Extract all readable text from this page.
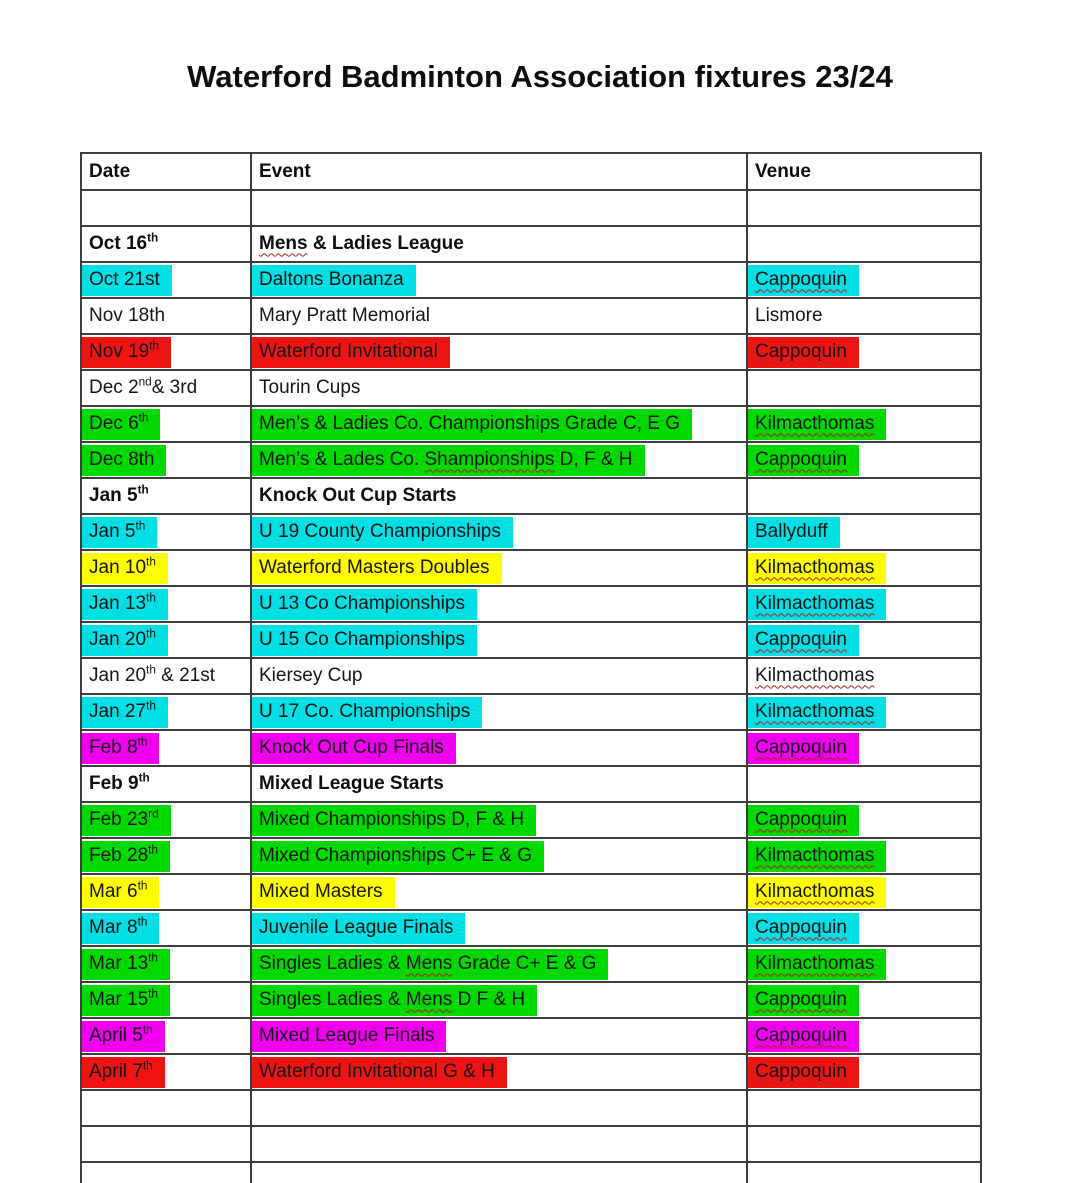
Waterford Badminton Association fixtures 23/24
Date	Event	Venue

Oct 16th	Mens & Ladies League	
Oct 21st	Daltons Bonanza	Cappoquin
Nov 18th	Mary Pratt Memorial	Lismore
Nov 19th	Waterford Invitational	Cappoquin
Dec 2nd& 3rd	Tourin Cups	
Dec 6th	Men’s & Ladies Co. Championships Grade C, E G	Kilmacthomas
Dec 8th	Men’s & Lades Co. Shampionships D, F & H	Cappoquin
Jan 5th	Knock Out Cup Starts	
Jan 5th	U 19 County Championships	Ballyduff
Jan 10th	Waterford Masters Doubles	Kilmacthomas
Jan 13th	U 13 Co Championships	Kilmacthomas
Jan 20th	U 15 Co Championships	Cappoquin
Jan 20th & 21st	Kiersey Cup	Kilmacthomas
Jan 27th	U 17 Co. Championships	Kilmacthomas
Feb 8th	Knock Out Cup Finals	Cappoquin
Feb 9th	Mixed League Starts	
Feb 23rd	Mixed Championships D, F & H	Cappoquin
Feb 28th	Mixed Championships C+ E & G	Kilmacthomas
Mar 6th	Mixed Masters	Kilmacthomas
Mar 8th	Juvenile League Finals	Cappoquin
Mar 13th	Singles Ladies & Mens Grade C+ E & G	Kilmacthomas
Mar 15th	Singles Ladies & Mens D F & H	Cappoquin
April 5th	Mixed League Finals	Cappoquin
April 7th	Waterford Invitational G & H	Cappoquin
